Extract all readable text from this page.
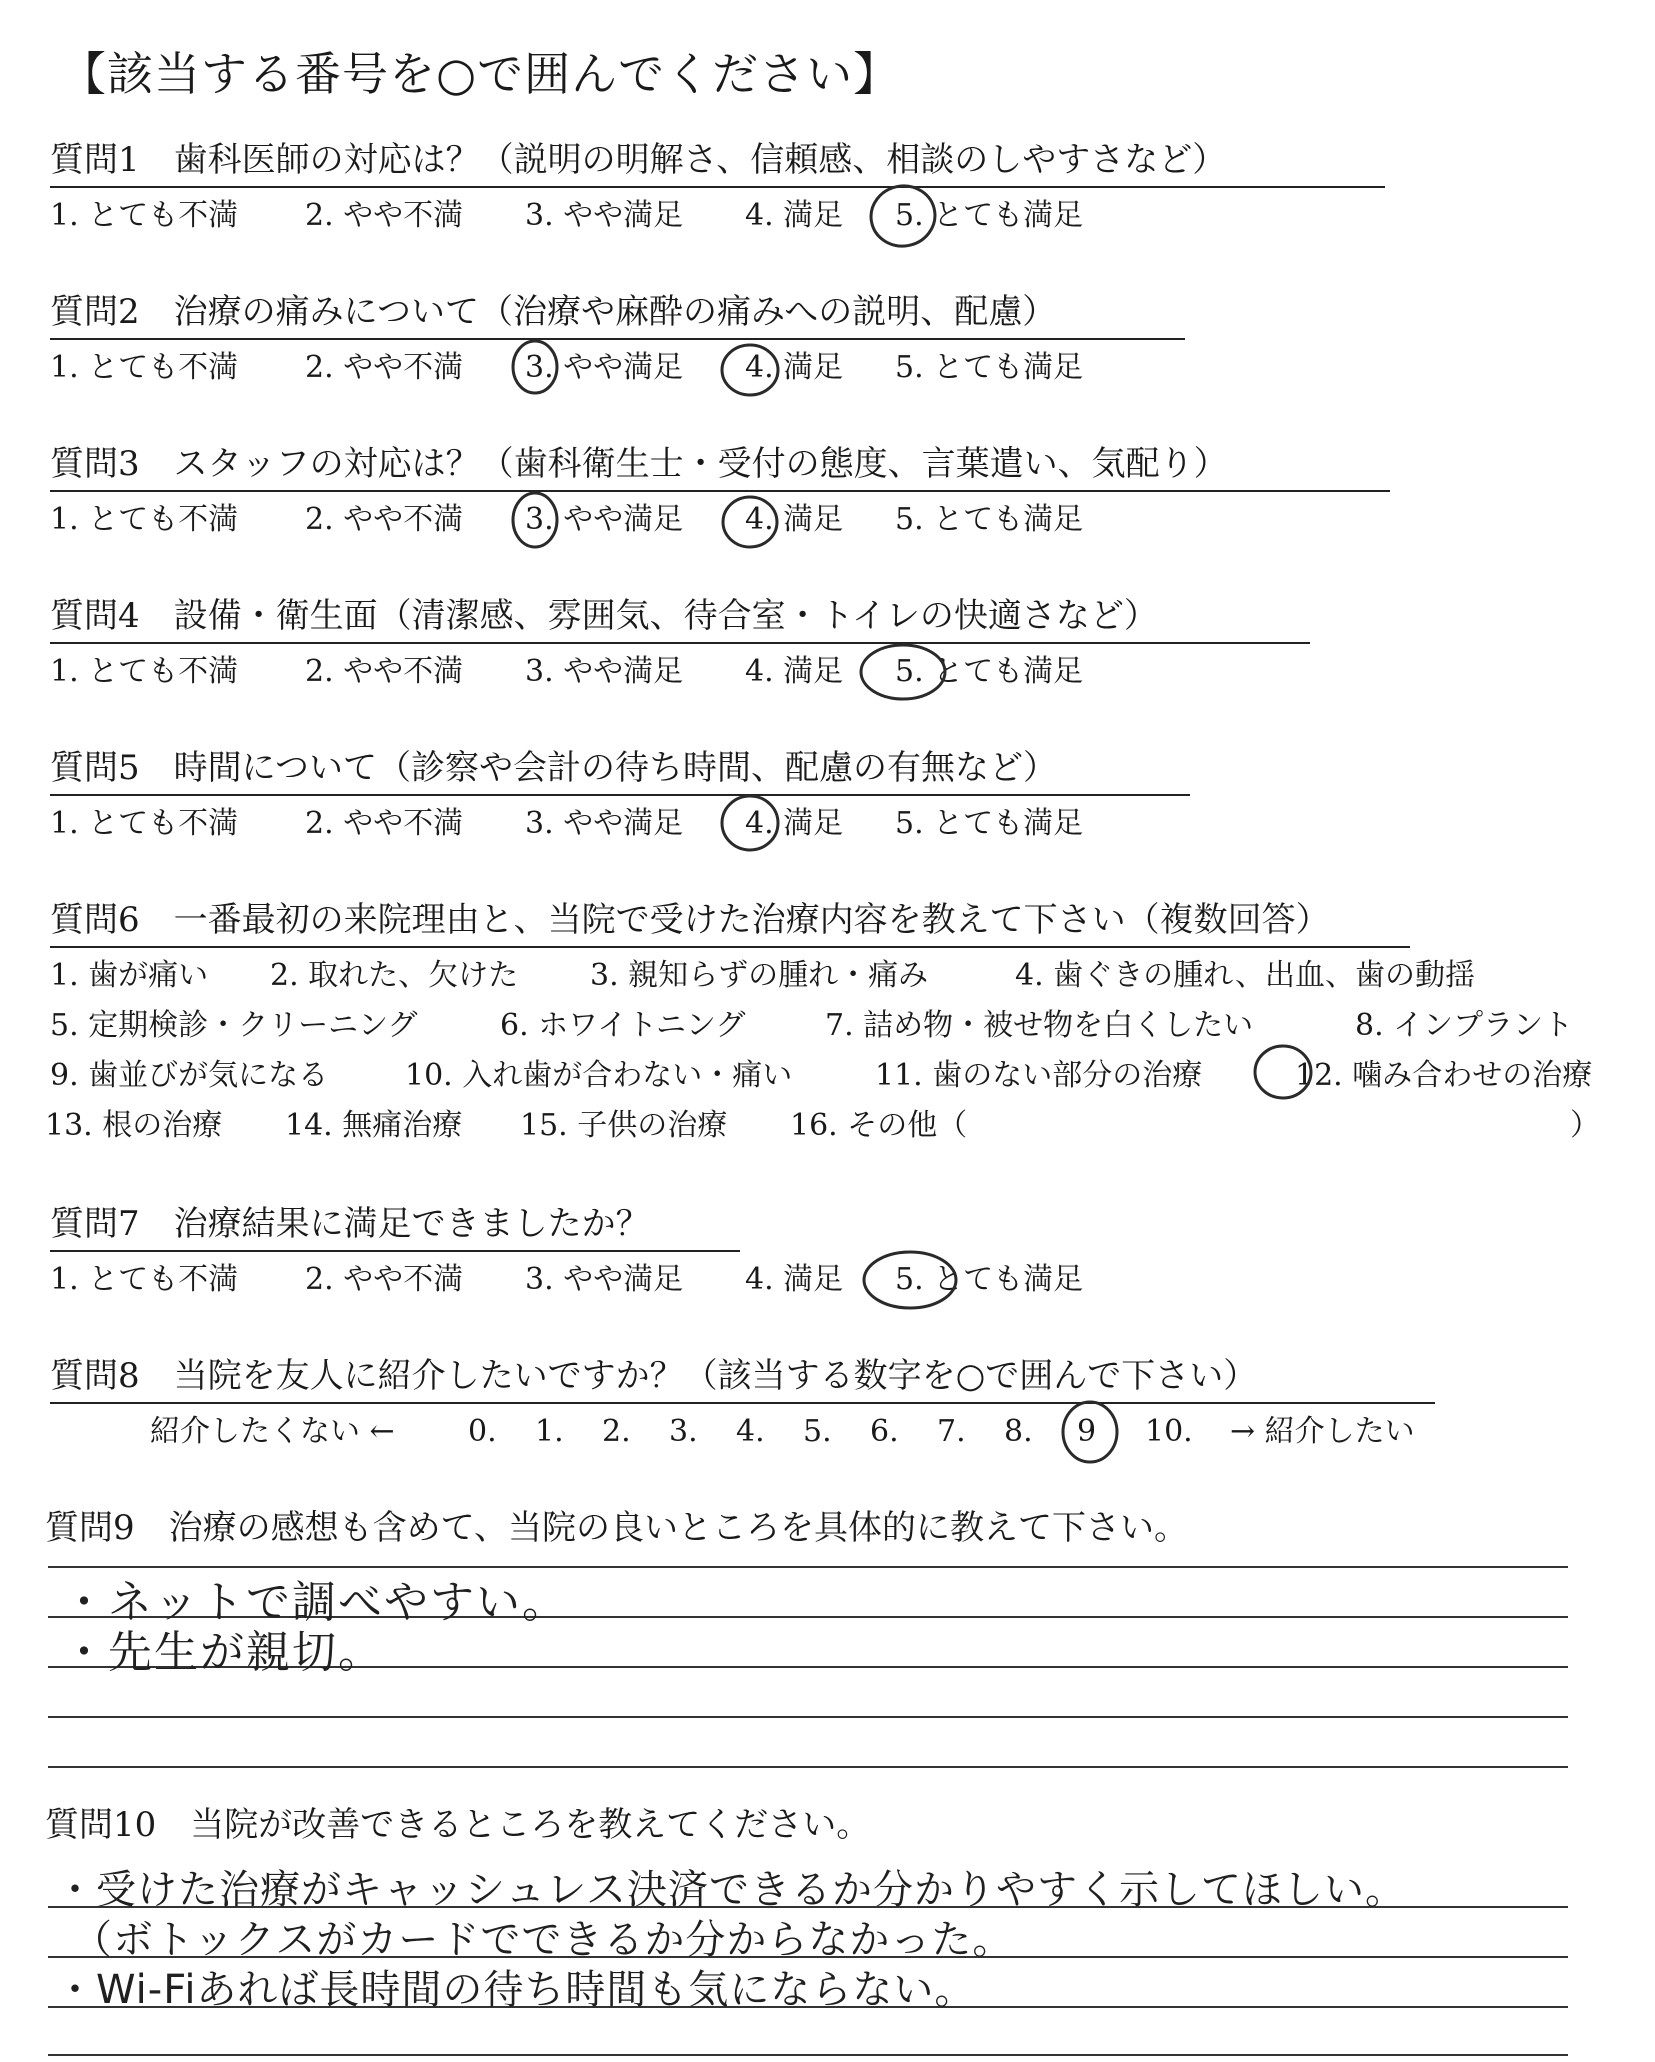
【該当する番号を○で囲んでください】
質問1　歯科医師の対応は？（説明の明解さ、信頼感、相談のしやすさなど）
1. とても不満 2. やや不満 3. やや満足 4. 満足 5. とても満足
質問2　治療の痛みについて（治療や麻酔の痛みへの説明、配慮）
1. とても不満 2. やや不満 3. やや満足 4. 満足 5. とても満足
質問3　スタッフの対応は？（歯科衛生士・受付の態度、言葉遣い、気配り）
1. とても不満 2. やや不満 3. やや満足 4. 満足 5. とても満足
質問4　設備・衛生面（清潔感、雰囲気、待合室・トイレの快適さなど）
1. とても不満 2. やや不満 3. やや満足 4. 満足 5. とても満足
質問5　時間について（診察や会計の待ち時間、配慮の有無など）
1. とても不満 2. やや不満 3. やや満足 4. 満足 5. とても満足
質問6　一番最初の来院理由と、当院で受けた治療内容を教えて下さい（複数回答）
1. 歯が痛い 2. 取れた、欠けた 3. 親知らずの腫れ・痛み	4. 歯ぐきの腫れ、出血、歯の動揺
5. 定期検診・クリーニング	6. ホワイトニング	7. 詰め物・被せ物を白くしたい	8. インプラント
9. 歯並びが気になる	10. 入れ歯が合わない・痛い	11. 歯のない部分の治療	12. 噛み合わせの治療
13. 根の治療 14. 無痛治療 15. 子供の治療 16. その他（	）
質問7　治療結果に満足できましたか？
1. とても不満 2. やや不満 3. やや満足 4. 満足 5. とても満足
質問8　当院を友人に紹介したいですか？（該当する数字を○で囲んで下さい）
紹介したくない ← 0. 1. 2. 3. 4. 5. 6. 7. 8. 9 10. → 紹介したい
質問9　治療の感想も含めて、当院の良いところを具体的に教えて下さい。
・ネットで調べやすい。
・先生が親切。
質問10　当院が改善できるところを教えてください。
・受けた治療がキャッシュレス決済できるか分かりやすく示してほしい。
（ボトックスがカードでできるか分からなかった。
・Wi-Fiあれば長時間の待ち時間も気にならない。
